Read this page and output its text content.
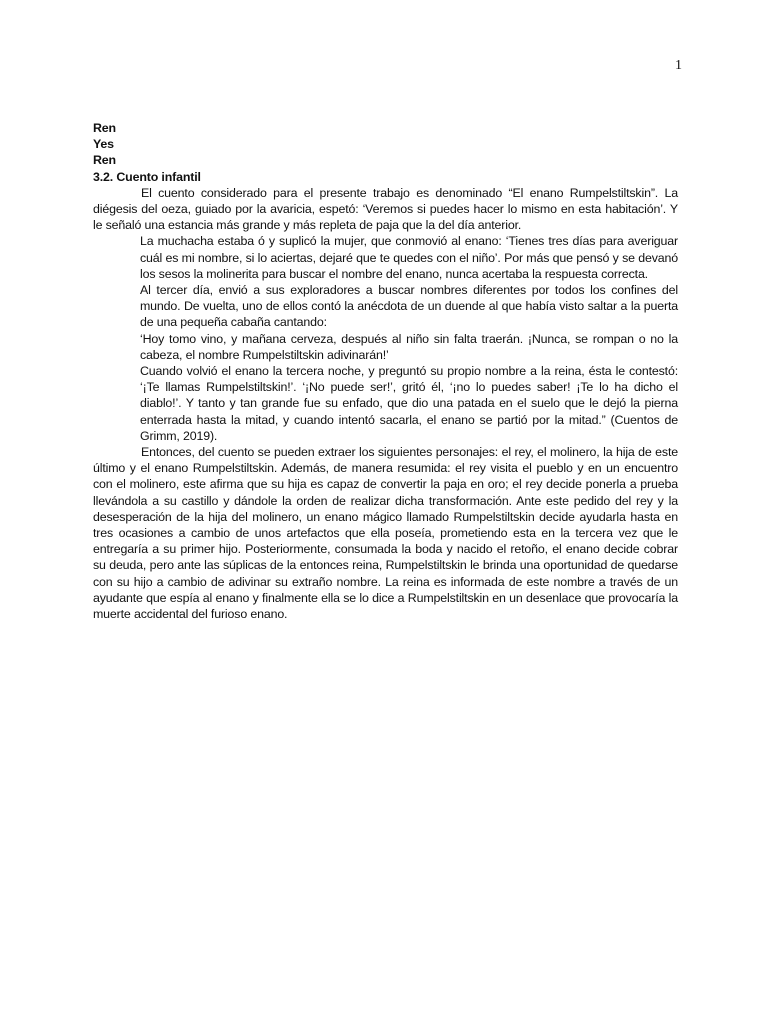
1

Ren

Yes

Ren

3.2. Cuento infantil

El cuento considerado para el presente trabajo es denominado “El enano Rumpelstiltskin”. La diégesis del oeza, guiado por la avaricia, espetó: ‘Veremos si puedes hacer lo mismo en esta habitación’. Y le señaló una estancia más grande y más repleta de paja que la del día anterior.

La muchacha estaba ó y suplicó la mujer, que conmovió al enano: ‘Tienes tres días para averiguar cuál es mi nombre, si lo aciertas, dejaré que te quedes con el niño’. Por más que pensó y se devanó los sesos la molinerita para buscar el nombre del enano, nunca acertaba la respuesta correcta.

Al tercer día, envió a sus exploradores a buscar nombres diferentes por todos los confines del mundo. De vuelta, uno de ellos contó la anécdota de un duende al que había visto saltar a la puerta de una pequeña cabaña cantando:

‘Hoy tomo vino, y mañana cerveza, después al niño sin falta traerán. ¡Nunca, se rompan o no la cabeza, el nombre Rumpelstiltskin adivinarán!’

Cuando volvió el enano la tercera noche, y preguntó su propio nombre a la reina, ésta le contestó: ‘¡Te llamas Rumpelstiltskin!’. ‘¡No puede ser!’, gritó él, ‘¡no lo puedes saber! ¡Te lo ha dicho el diablo!’. Y tanto y tan grande fue su enfado, que dio una patada en el suelo que le dejó la pierna enterrada hasta la mitad, y cuando intentó sacarla, el enano se partió por la mitad.” (Cuentos de Grimm, 2019).

Entonces, del cuento se pueden extraer los siguientes personajes: el rey, el molinero, la hija de este último y el enano Rumpelstiltskin. Además, de manera resumida: el rey visita el pueblo y en un encuentro con el molinero, este afirma que su hija es capaz de convertir la paja en oro; el rey decide ponerla a prueba llevándola a su castillo y dándole la orden de realizar dicha transformación. Ante este pedido del rey y la desesperación de la hija del molinero, un enano mágico llamado Rumpelstiltskin decide ayudarla hasta en tres ocasiones a cambio de unos artefactos que ella poseía, prometiendo esta en la tercera vez que le entregaría a su primer hijo. Posteriormente, consumada la boda y nacido el retoño, el enano decide cobrar su deuda, pero ante las súplicas de la entonces reina, Rumpelstiltskin le brinda una oportunidad de quedarse con su hijo a cambio de adivinar su extraño nombre. La reina es informada de este nombre a través de un ayudante que espía al enano y finalmente ella se lo dice a Rumpelstiltskin en un desenlace que provocaría la muerte accidental del furioso enano.
